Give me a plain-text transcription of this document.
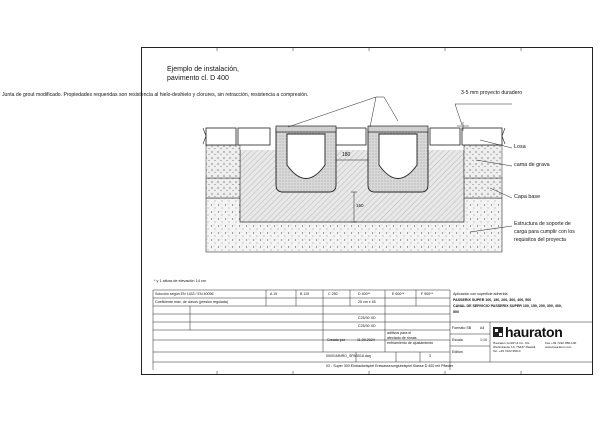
Ejemplo de instalación,
pavimento cl. D 400
Junta de grout modificado. Propiedades requeridas son resistencia al hielo-deshielo y clorures, sin retracción, resistencia a compresión.	3-5 mm proyecto duradero
180
150
Losa
cama de grava
Capa base
Estructura de soporte de
carga para cumplir con los
requisitos del proyecta
* y 1 altura de elevación 14 cm
Solución según EN 1433 / EN 40096
Coeficiente máx. de clavos (presión regulada)
A 15	B 125	C 250	D 400**	E 600**	F 900**
25 cm x 45
C25/30 XD
C25/30 XD
aditivos para el
afectado de rinnas
enfriamiento de ajustamiento
Creado por	11.09.2024
00001MNRO_SPA3018.dwg	3
03 - Super 300 Einbaubeispiel Entwasserungsbeispiel Klasse D 400 mit Pflaster
Aplicación con superficie adherida
PASSERIX SUPER 100, 150, 200, 300, 400, 500
CANAL DE SERVICIO PASSERIX SUPER 100, 150, 200, 300, 400,
500
Formato SB A4
Escala	1:10
Edition
hauraton
Hauraton GmbH & Co. KG
Werkstrasse 13, 76437 Rastatt
Tel. +49 7222 958-0
Fax +49 7222 958-100
www.hauraton.com
